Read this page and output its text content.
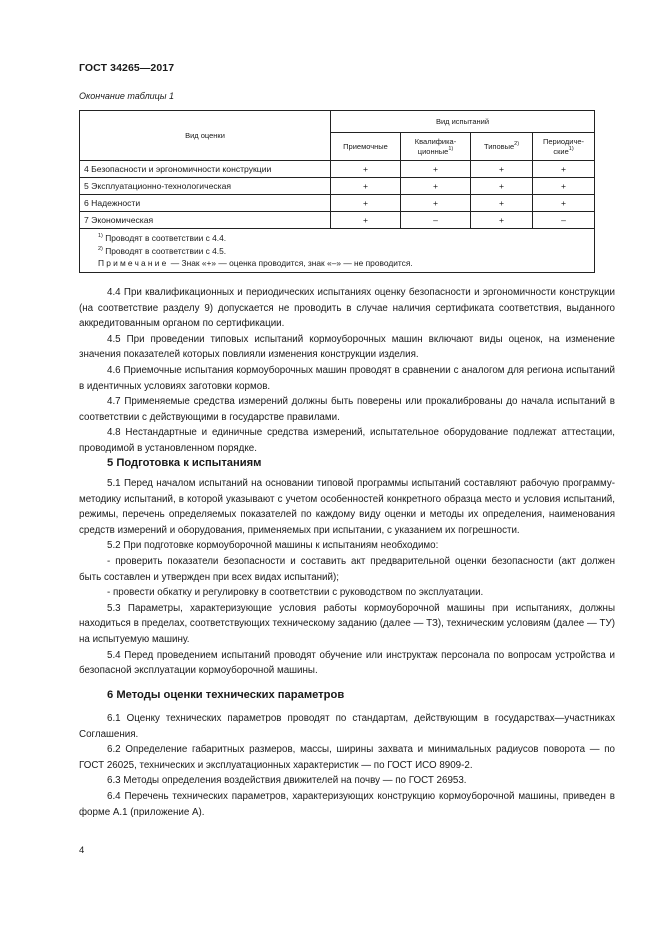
ГОСТ 34265—2017
Окончание таблицы 1
Вид оценки	Вид испытаний			
	Приемочные	Квалифика-ционные$^{1)}$	Типовые$^{2)}$	Периодиче-ские$^{1)}$
4 Безопасности и эргономичности конструкции	+	+	+	+
5 Эксплуатационно-технологическая	+	+	+	+
6 Надежности	+	+	+	+
7 Экономическая	+	–	+	–

$^{1)}$ Проводят в соответствии с 4.4.
$^{2)}$ Проводят в соответствии с 4.5.
Примечание — Знак «+» — оценка проводится, знак «–» — не проводится.				

4.4 При квалификационных и периодических испытаниях оценку безопасности и эргономичности конструкции (на соответствие разделу 9) допускается не проводить в случае наличия сертификата соответствия, выданного аккредитованным органом по сертификации.

4.5 При проведении типовых испытаний кормоуборочных машин включают виды оценок, на изменение значения показателей которых повлияли изменения конструкции изделия.

4.6 Приемочные испытания кормоуборочных машин проводят в сравнении с аналогом для региона испытаний в идентичных условиях заготовки кормов.

4.7 Применяемые средства измерений должны быть поверены или прокалиброваны до начала испытаний в соответствии с действующими в государстве правилами.

4.8 Нестандартные и единичные средства измерений, испытательное оборудование подлежат аттестации, проводимой в установленном порядке.

5 Подготовка к испытаниям

5.1 Перед началом испытаний на основании типовой программы испытаний составляют рабочую программу-методику испытаний, в которой указывают с учетом особенностей конкретного образца место и условия испытаний, режимы, перечень определяемых показателей по каждому виду оценки и методы их определения, наименования средств измерений и оборудования, применяемых при испытании, с указанием их погрешности.

5.2 При подготовке кормоуборочной машины к испытаниям необходимо:

- проверить показатели безопасности и составить акт предварительной оценки безопасности (акт должен быть составлен и утвержден при всех видах испытаний);

- провести обкатку и регулировку в соответствии с руководством по эксплуатации.

5.3 Параметры, характеризующие условия работы кормоуборочной машины при испытаниях, должны находиться в пределах, соответствующих техническому заданию (далее — ТЗ), техническим условиям (далее — ТУ) на испытуемую машину.

5.4 Перед проведением испытаний проводят обучение или инструктаж персонала по вопросам устройства и безопасной эксплуатации кормоуборочной машины.

6 Методы оценки технических параметров

6.1 Оценку технических параметров проводят по стандартам, действующим в государствах—участниках Соглашения.

6.2 Определение габаритных размеров, массы, ширины захвата и минимальных радиусов поворота — по ГОСТ 26025, технических и эксплуатационных характеристик — по ГОСТ ИСО 8909-2.

6.3 Методы определения воздействия движителей на почву — по ГОСТ 26953.

6.4 Перечень технических параметров, характеризующих конструкцию кормоуборочной машины, приведен в форме А.1 (приложение А).

4
